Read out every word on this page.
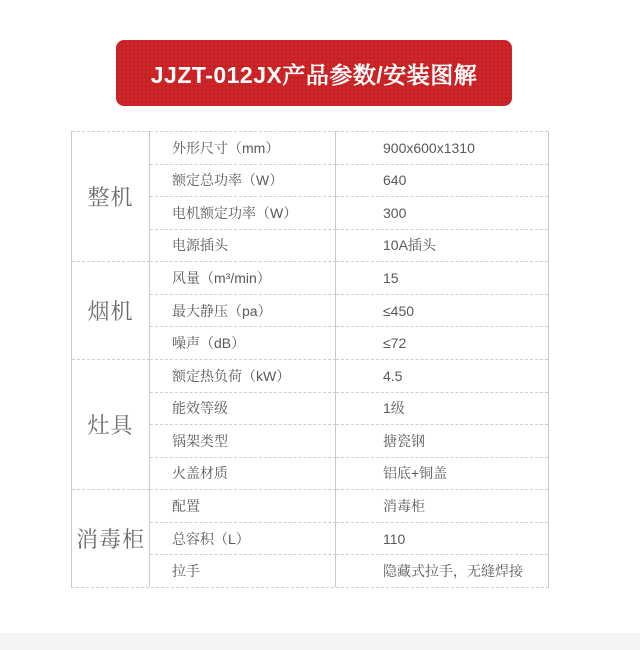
JJZT-012JX产品参数/安装图解
整机
外形尺寸（mm）	900x600x1310
额定总功率（W）	640
电机额定功率（W）	300
电源插头	10A插头
烟机
风量（m³/min）	15
最大静压（pa）	≤450
噪声（dB）	≤72
灶具
额定热负荷（kW）	4.5
能效等级	1级
锅架类型	搪瓷钢
火盖材质	铝底+铜盖
消毒柜
配置	消毒柜
总容积（L）	110
拉手	隐藏式拉手，无缝焊接
